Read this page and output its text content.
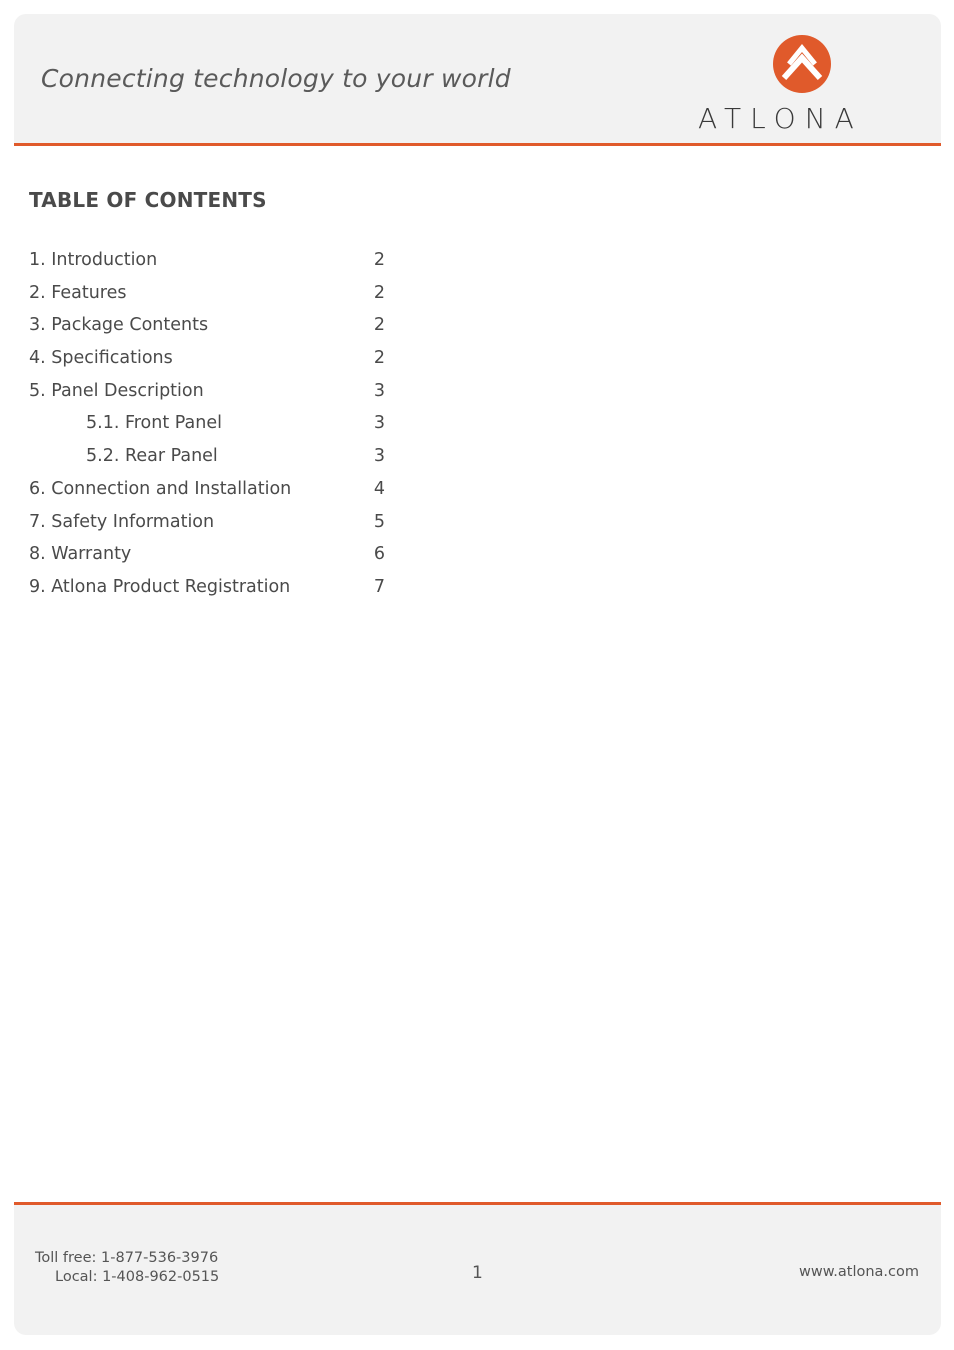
Connecting technology to your world
ATLONA
TABLE OF CONTENTS
1. Introduction	2
2. Features	2
3. Package Contents	2
4. Specifications	2
5. Panel Description	3
5.1. Front Panel	3
5.2. Rear Panel	3
6. Connection and Installation	4
7. Safety Information	5
8. Warranty	6
9. Atlona Product Registration	7
Toll free: 1-877-536-3976
Local: 1-408-962-0515	1	www.atlona.com
